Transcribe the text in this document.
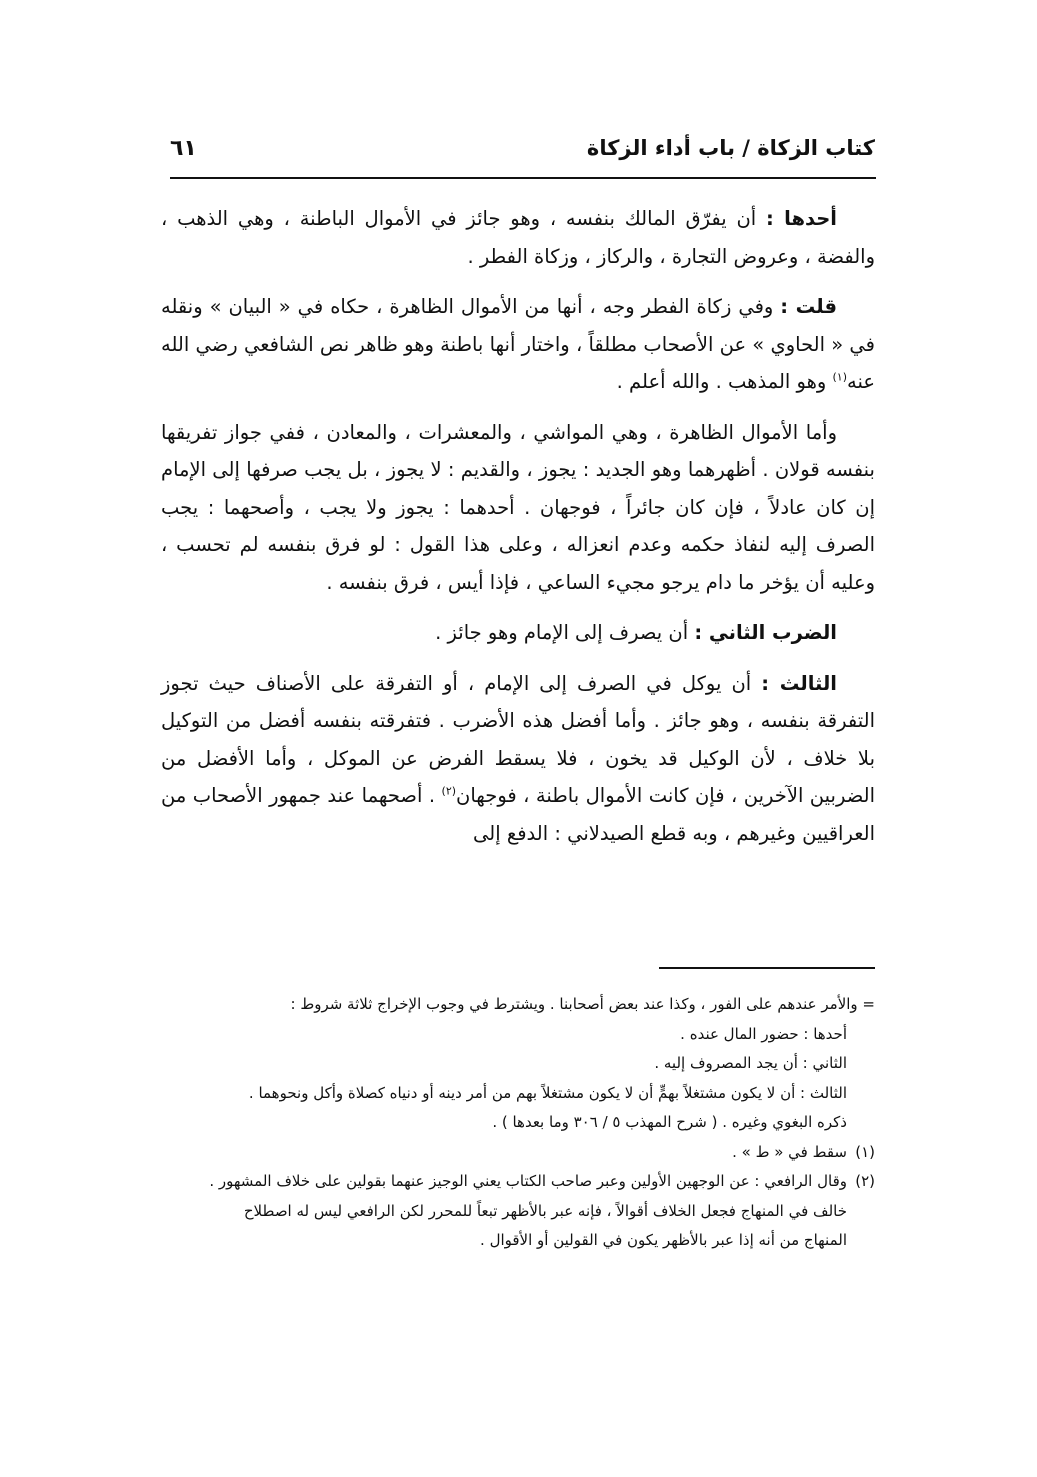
كتاب الزكاة / باب أداء الزكاة
٦١

أحدها : أن يفرّق المالك بنفسه ، وهو جائز في الأموال الباطنة ، وهي الذهب ، والفضة ، وعروض التجارة ، والركاز ، وزكاة الفطر .

قلت : وفي زكاة الفطر وجه ، أنها من الأموال الظاهرة ، حكاه في « البيان » ونقله في « الحاوي » عن الأصحاب مطلقاً ، واختار أنها باطنة وهو ظاهر نص الشافعي رضي الله عنه$^{(١)}$ وهو المذهب . والله أعلم .

وأما الأموال الظاهرة ، وهي المواشي ، والمعشرات ، والمعادن ، ففي جواز تفريقها بنفسه قولان . أظهرهما وهو الجديد : يجوز ، والقديم : لا يجوز ، بل يجب صرفها إلى الإمام إن كان عادلاً ، فإن كان جائراً ، فوجهان . أحدهما : يجوز ولا يجب ، وأصحهما : يجب الصرف إليه لنفاذ حكمه وعدم انعزاله ، وعلى هذا القول : لو فرق بنفسه لم تحسب ، وعليه أن يؤخر ما دام يرجو مجيء الساعي ، فإذا أيس ، فرق بنفسه .

الضرب الثاني : أن يصرف إلى الإمام وهو جائز .

الثالث : أن يوكل في الصرف إلى الإمام ، أو التفرقة على الأصناف حيث تجوز التفرقة بنفسه ، وهو جائز . وأما أفضل هذه الأضرب . فتفرقته بنفسه أفضل من التوكيل بلا خلاف ، لأن الوكيل قد يخون ، فلا يسقط الفرض عن الموكل ، وأما الأفضل من الضربين الآخرين ، فإن كانت الأموال باطنة ، فوجهان$^{(٢)}$ . أصحهما عند جمهور الأصحاب من العراقيين وغيرهم ، وبه قطع الصيدلاني : الدفع إلى

= والأمر عندهم على الفور ، وكذا عند بعض أصحابنا . ويشترط في وجوب الإخراج ثلاثة شروط :

أحدها : حضور المال عنده .

الثاني : أن يجد المصروف إليه .

الثالث : أن لا يكون مشتغلاً بهمٍّ أن لا يكون مشتغلاً بهم من أمر دينه أو دنياه كصلاة وأكل ونحوهما .

ذكره البغوي وغيره . ( شرح المهذب ٥ / ٣٠٦ وما بعدها ) .

(١)سقط في « ط » .

(٢)وقال الرافعي : عن الوجهين الأولين وعبر صاحب الكتاب يعني الوجيز عنهما بقولين على خلاف المشهور .

خالف في المنهاج فجعل الخلاف أقوالاً ، فإنه عبر بالأظهر تبعاً للمحرر لكن الرافعي ليس له اصطلاح

المنهاج من أنه إذا عبر بالأظهر يكون في القولين أو الأقوال .
